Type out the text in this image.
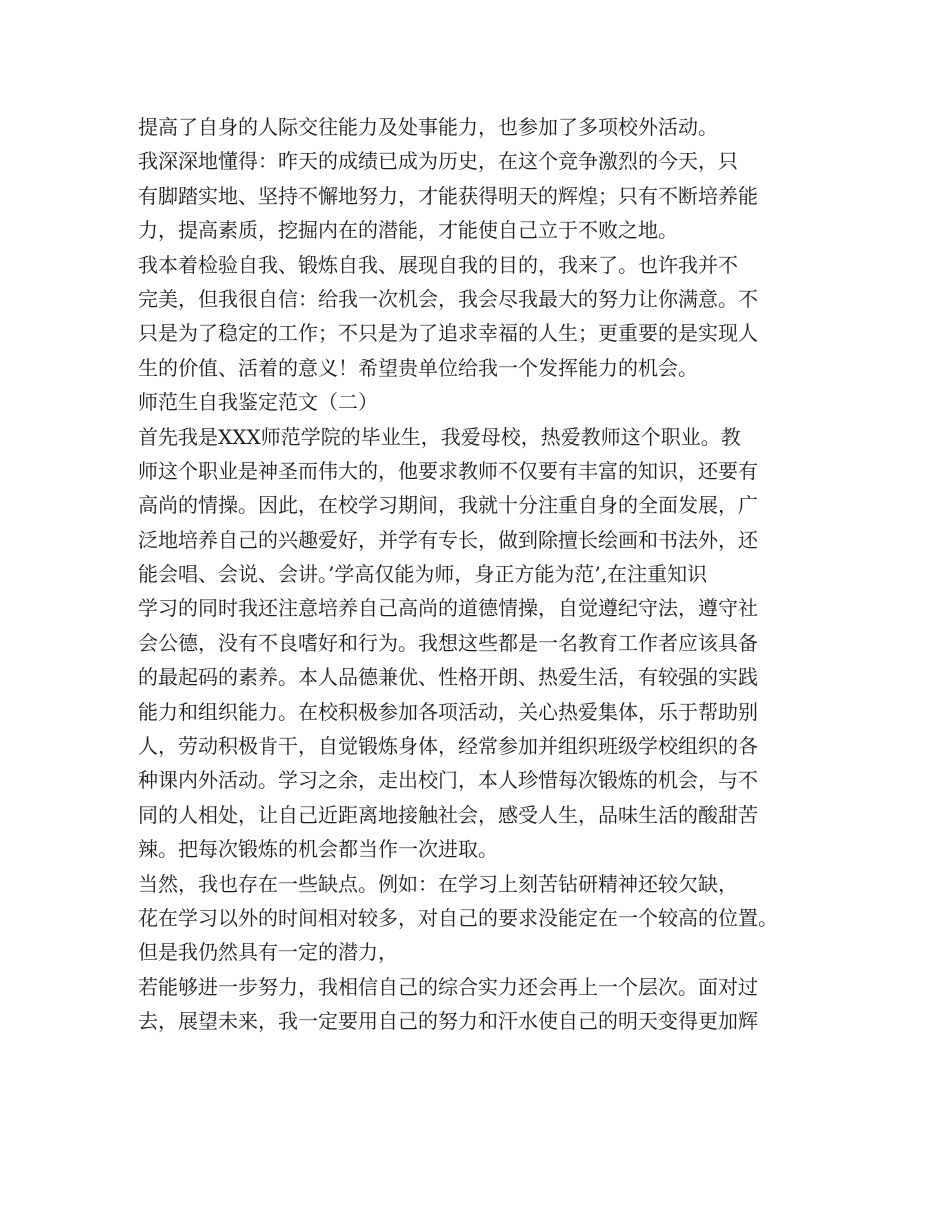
提高了自身的人际交往能力及处事能力，也参加了多项校外活动。
我深深地懂得：昨天的成绩已成为历史，在这个竞争激烈的今天，只
有脚踏实地、坚持不懈地努力，才能获得明天的辉煌；只有不断培养能
力，提高素质，挖掘内在的潜能，才能使自己立于不败之地。
我本着检验自我、锻炼自我、展现自我的目的，我来了。也许我并不
完美，但我很自信：给我一次机会，我会尽我最大的努力让你满意。不
只是为了稳定的工作；不只是为了追求幸福的人生；更重要的是实现人
生的价值、活着的意义！希望贵单位给我一个发挥能力的机会。
师范生自我鉴定范文（二）
首先我是XXX师范学院的毕业生，我爱母校，热爱教师这个职业。教
师这个职业是神圣而伟大的，他要求教师不仅要有丰富的知识，还要有
高尚的情操。因此，在校学习期间，我就十分注重自身的全面发展，广
泛地培养自己的兴趣爱好，并学有专长，做到除擅长绘画和书法外，还
能会唱、会说、会讲。’学高仅能为师，身正方能为范’,在注重知识
学习的同时我还注意培养自己高尚的道德情操，自觉遵纪守法，遵守社
会公德，没有不良嗜好和行为。我想这些都是一名教育工作者应该具备
的最起码的素养。本人品德兼优、性格开朗、热爱生活，有较强的实践
能力和组织能力。在校积极参加各项活动，关心热爱集体，乐于帮助别
人，劳动积极肯干，自觉锻炼身体，经常参加并组织班级学校组织的各
种课内外活动。学习之余，走出校门，本人珍惜每次锻炼的机会，与不
同的人相处，让自己近距离地接触社会，感受人生，品味生活的酸甜苦
辣。把每次锻炼的机会都当作一次进取。
当然，我也存在一些缺点。例如：在学习上刻苦钻研精神还较欠缺，
花在学习以外的时间相对较多，对自己的要求没能定在一个较高的位置。
但是我仍然具有一定的潜力，
若能够进一步努力，我相信自己的综合实力还会再上一个层次。面对过
去，展望未来，我一定要用自己的努力和汗水使自己的明天变得更加辉
